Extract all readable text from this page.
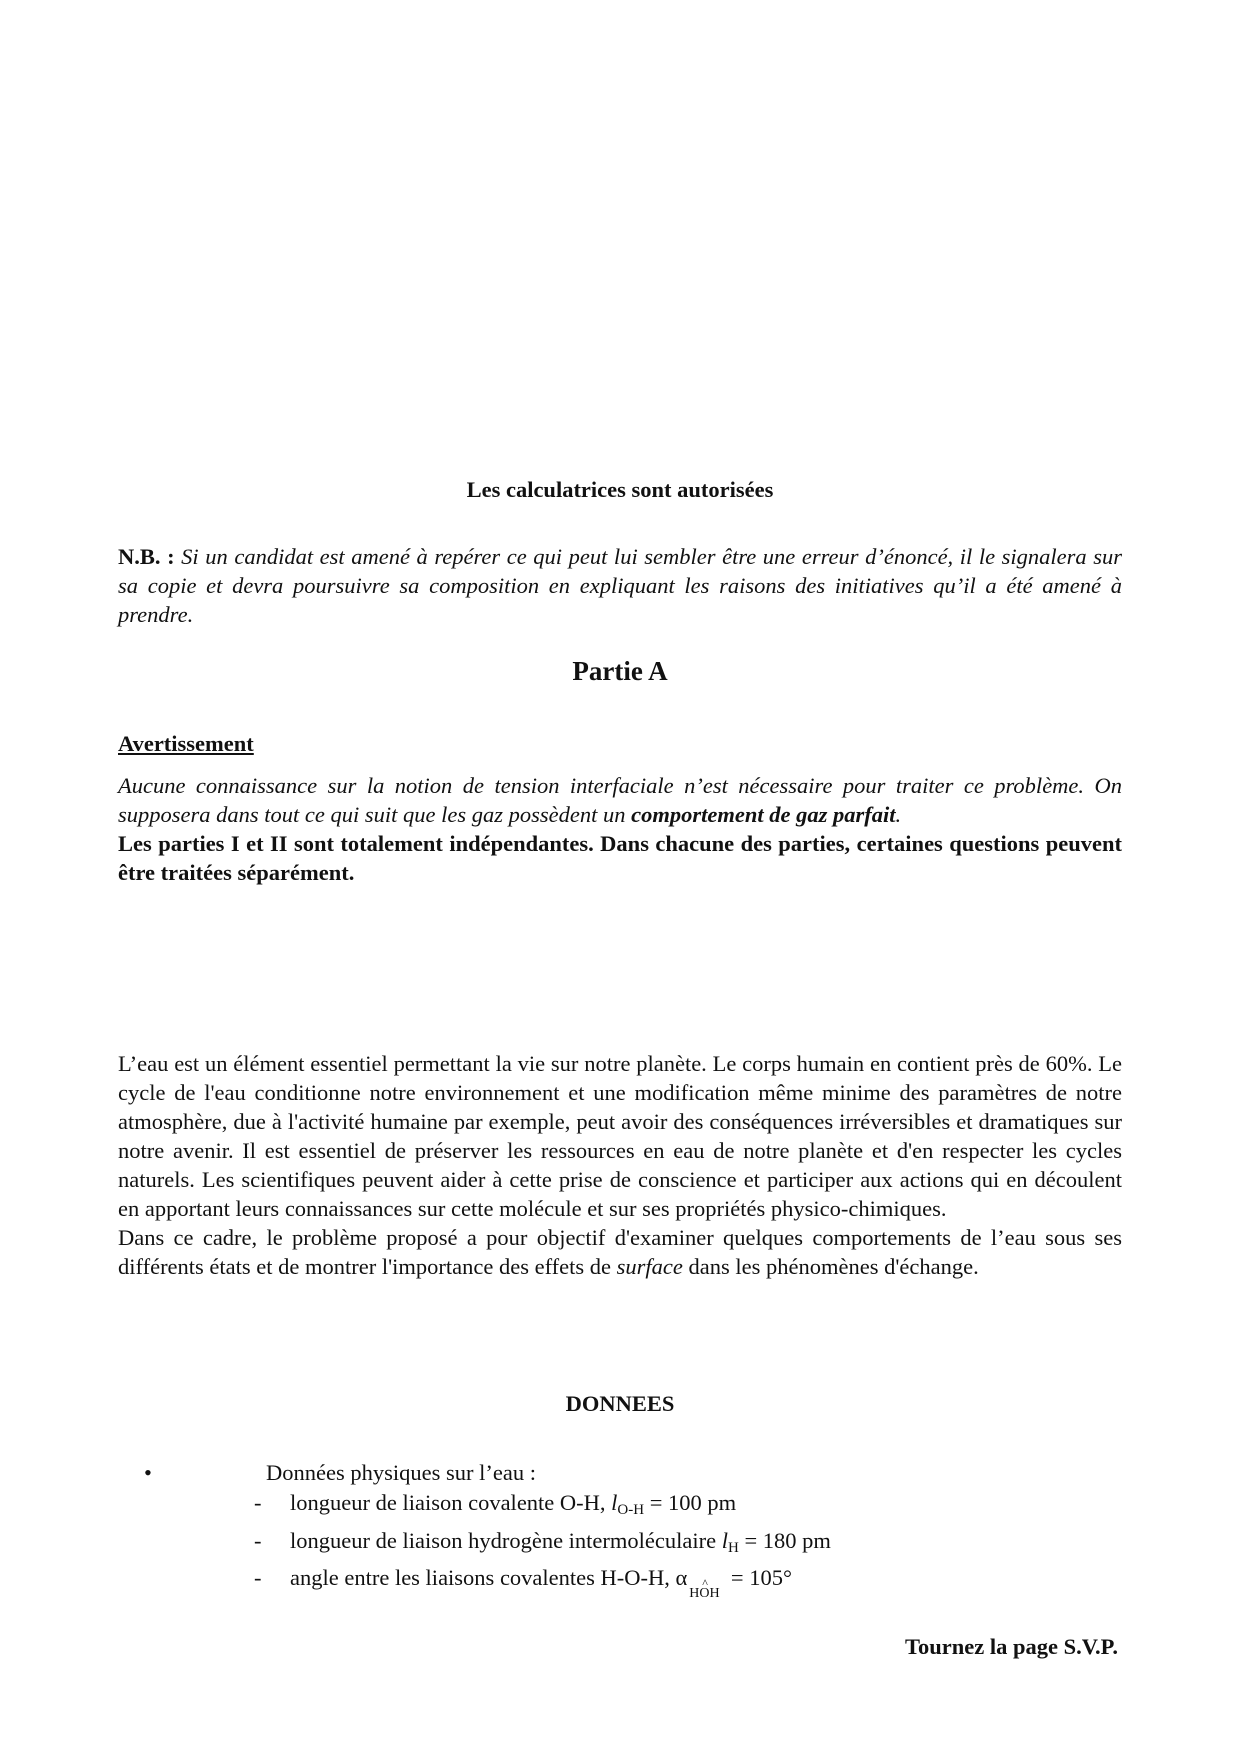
Les calculatrices sont autorisées
N.B. : Si un candidat est amené à repérer ce qui peut lui sembler être une erreur d’énoncé, il le signalera sur sa copie et devra poursuivre sa composition en expliquant les raisons des initiatives qu’il a été amené à prendre.
Partie A
Avertissement
Aucune connaissance sur la notion de tension interfaciale n’est nécessaire pour traiter ce problème. On supposera dans tout ce qui suit que les gaz possèdent un comportement de gaz parfait.
Les parties I et II sont totalement indépendantes. Dans chacune des parties, certaines questions peuvent être traitées séparément.
L’eau est un élément essentiel permettant la vie sur notre planète. Le corps humain en contient près de 60%. Le cycle de l'eau conditionne notre environnement et une modification même minime des paramètres de notre atmosphère, due à l'activité humaine par exemple, peut avoir des conséquences irréversibles et dramatiques sur notre avenir. Il est essentiel de préserver les ressources en eau de notre planète et d'en respecter les cycles naturels. Les scientifiques peuvent aider à cette prise de conscience et participer aux actions qui en découlent en apportant leurs connaissances sur cette molécule et sur ses propriétés physico-chimiques.
Dans ce cadre, le problème proposé a pour objectif d'examiner quelques comportements de l’eau sous ses différents états et de montrer l'importance des effets de surface dans les phénomènes d'échange.
DONNEES
•	Données physiques sur l’eau :
- longueur de liaison covalente O-H, $l_{O-H} = 100$ pm
- longueur de liaison hydrogène intermoléculaire $l_H = 180$ pm
- angle entre les liaisons covalentes H-O-H, α ^
HOH  = 105°
Tournez la page S.V.P.
